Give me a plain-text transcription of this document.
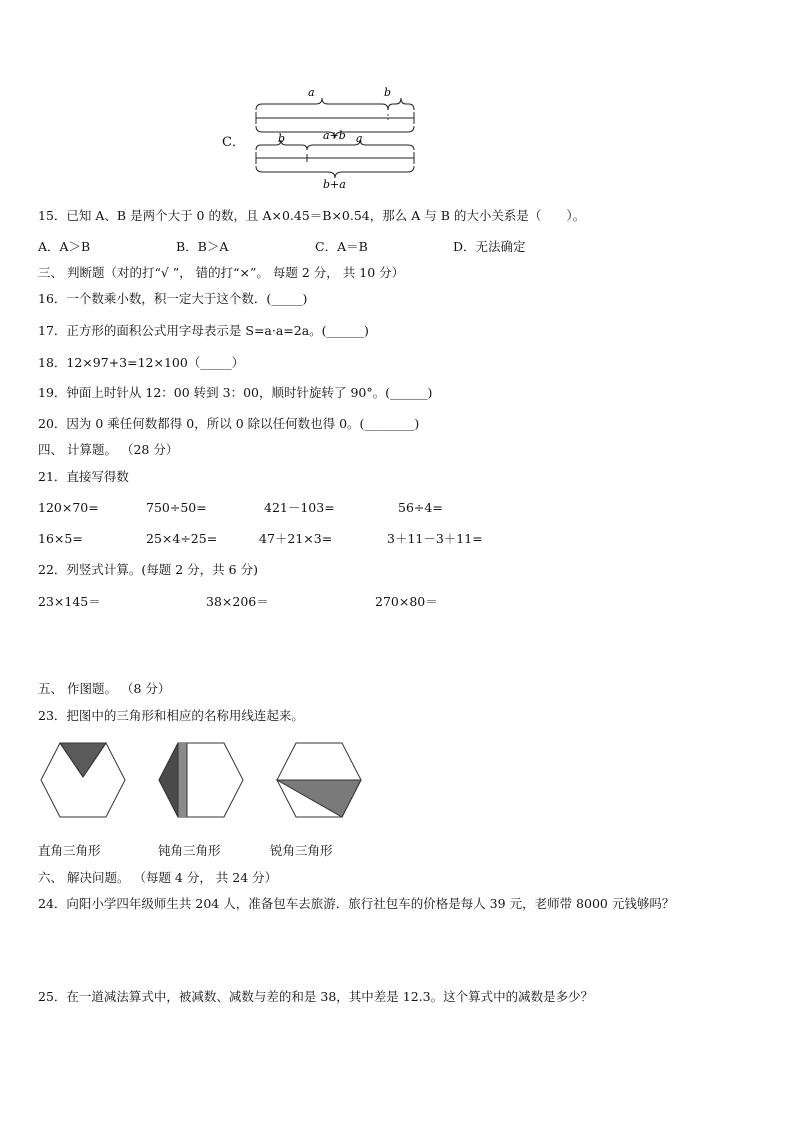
C．
a	b
a+b
b	a
b+a
15．已知 A、B 是两个大于 0 的数，且 A×0.45＝B×0.54，那么 A 与 B 的大小关系是（　　）。
A．A＞B	B．B＞A	C．A＝B	D．无法确定
三、 判断题（对的打“√ ”， 错的打“×”。 每题 2 分， 共 10 分）
16．一个数乘小数，积一定大于这个数．(_____)
17．正方形的面积公式用字母表示是 S=a·a=2a。(______)
18．12×97+3=12×100（_____）
19．钟面上时针从 12：00 转到 3：00，顺时针旋转了 90°。(______)
20．因为 0 乘任何数都得 0，所以 0 除以任何数也得 0。(________)
四、 计算题。 （28 分）
21．直接写得数
120×70=	750÷50=	421－103=	56÷4=
16×5=	25×4÷25=	47＋21×3=	3＋11－3＋11=
22．列竖式计算。(每题 2 分，共 6 分)
23×145＝	38×206＝	270×80＝
五、 作图题。 （8 分）
23．把图中的三角形和相应的名称用线连起来。
直角三角形	钝角三角形	锐角三角形
六、 解决问题。 （每题 4 分， 共 24 分）
24．向阳小学四年级师生共 204 人，准备包车去旅游．旅行社包车的价格是每人 39 元，老师带 8000 元钱够吗？
25．在一道减法算式中，被减数、减数与差的和是 38，其中差是 12.3。这个算式中的减数是多少？
